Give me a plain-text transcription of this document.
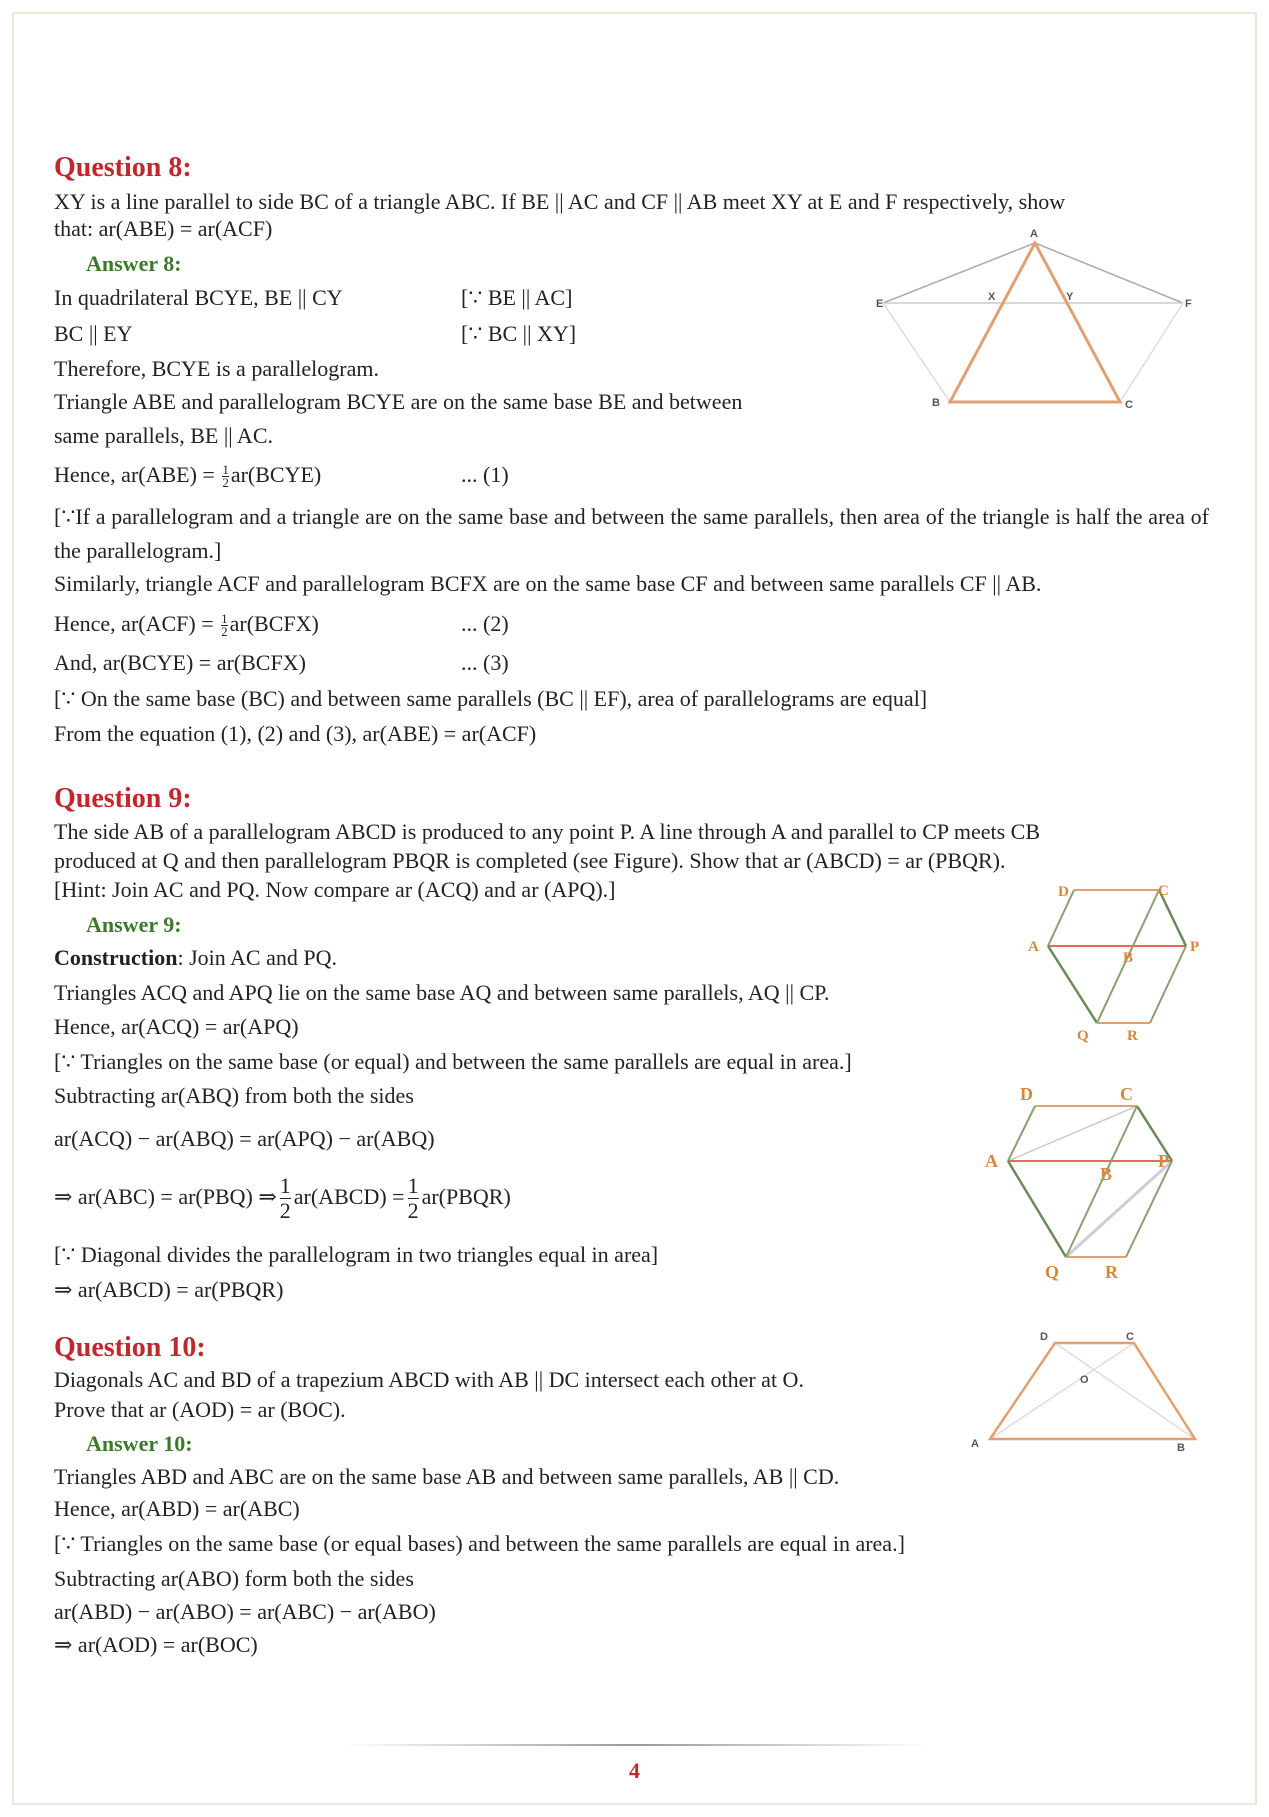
Question 8:
XY is a line parallel to side BC of a triangle ABC. If BE || AC and CF || AB meet XY at E and F respectively, show
that: ar(ABE) = ar(ACF)
Answer 8:
In quadrilateral BCYE, BE || CY	[∵ BE || AC]
BC || EY	[∵ BC || XY]
Therefore, BCYE is a parallelogram.
Triangle ABE and parallelogram BCYE are on the same base BE and between
same parallels, BE || AC.
Hence, $ar(ABE) = \frac{1}{2}$ ar(BCYE)	... (1)
[∵If a parallelogram and a triangle are on the same base and between the same parallels, then area of the triangle is half the area of the parallelogram.]
Similarly, triangle ACF and parallelogram BCFX are on the same base CF and between same parallels CF || AB.
Hence, $ar(ACF) = \frac{1}{2}$ ar(BCFX)	... (2)
And, ar(BCYE) = ar(BCFX)	... (3)
[∵ On the same base (BC) and between same parallels (BC || EF), area of parallelograms are equal]
From the equation (1), (2) and (3), ar(ABE) = ar(ACF)
Question 9:
The side AB of a parallelogram ABCD is produced to any point P. A line through A and parallel to CP meets CB
produced at Q and then parallelogram PBQR is completed (see Figure). Show that ar (ABCD) = ar (PBQR).
[Hint: Join AC and PQ. Now compare ar (ACQ) and ar (APQ).]
Answer 9:
Construction: Join AC and PQ.
Triangles ACQ and APQ lie on the same base AQ and between same parallels, AQ || CP.
Hence, ar(ACQ) = ar(APQ)
[∵ Triangles on the same base (or equal) and between the same parallels are equal in area.]
Subtracting ar(ABQ) from both the sides
ar(ACQ) − ar(ABQ) = ar(APQ) − ar(ABQ)
⇒ ar(ABC) = ar(PBQ) ⇒ $\frac{1}{2}$ ar(ABCD) = $\frac{1}{2}$ ar(PBQR)
[∵ Diagonal divides the parallelogram in two triangles equal in area]
⇒ ar(ABCD) = ar(PBQR)
Question 10:
Diagonals AC and BD of a trapezium ABCD with AB || DC intersect each other at O.
Prove that ar (AOD) = ar (BOC).
Answer 10:
Triangles ABD and ABC are on the same base AB and between same parallels, AB || CD.
Hence, ar(ABD) = ar(ABC)
[∵ Triangles on the same base (or equal bases) and between the same parallels are equal in area.]
Subtracting ar(ABO) form both the sides
ar(ABD) − ar(ABO) = ar(ABC) − ar(ABO)
⇒ ar(AOD) = ar(BOC)
A
B	C
E	F
X	Y
D	C
A
B
P
Q	R
D	C
A
B
P
Q	R
D	C
A	B
O
4
